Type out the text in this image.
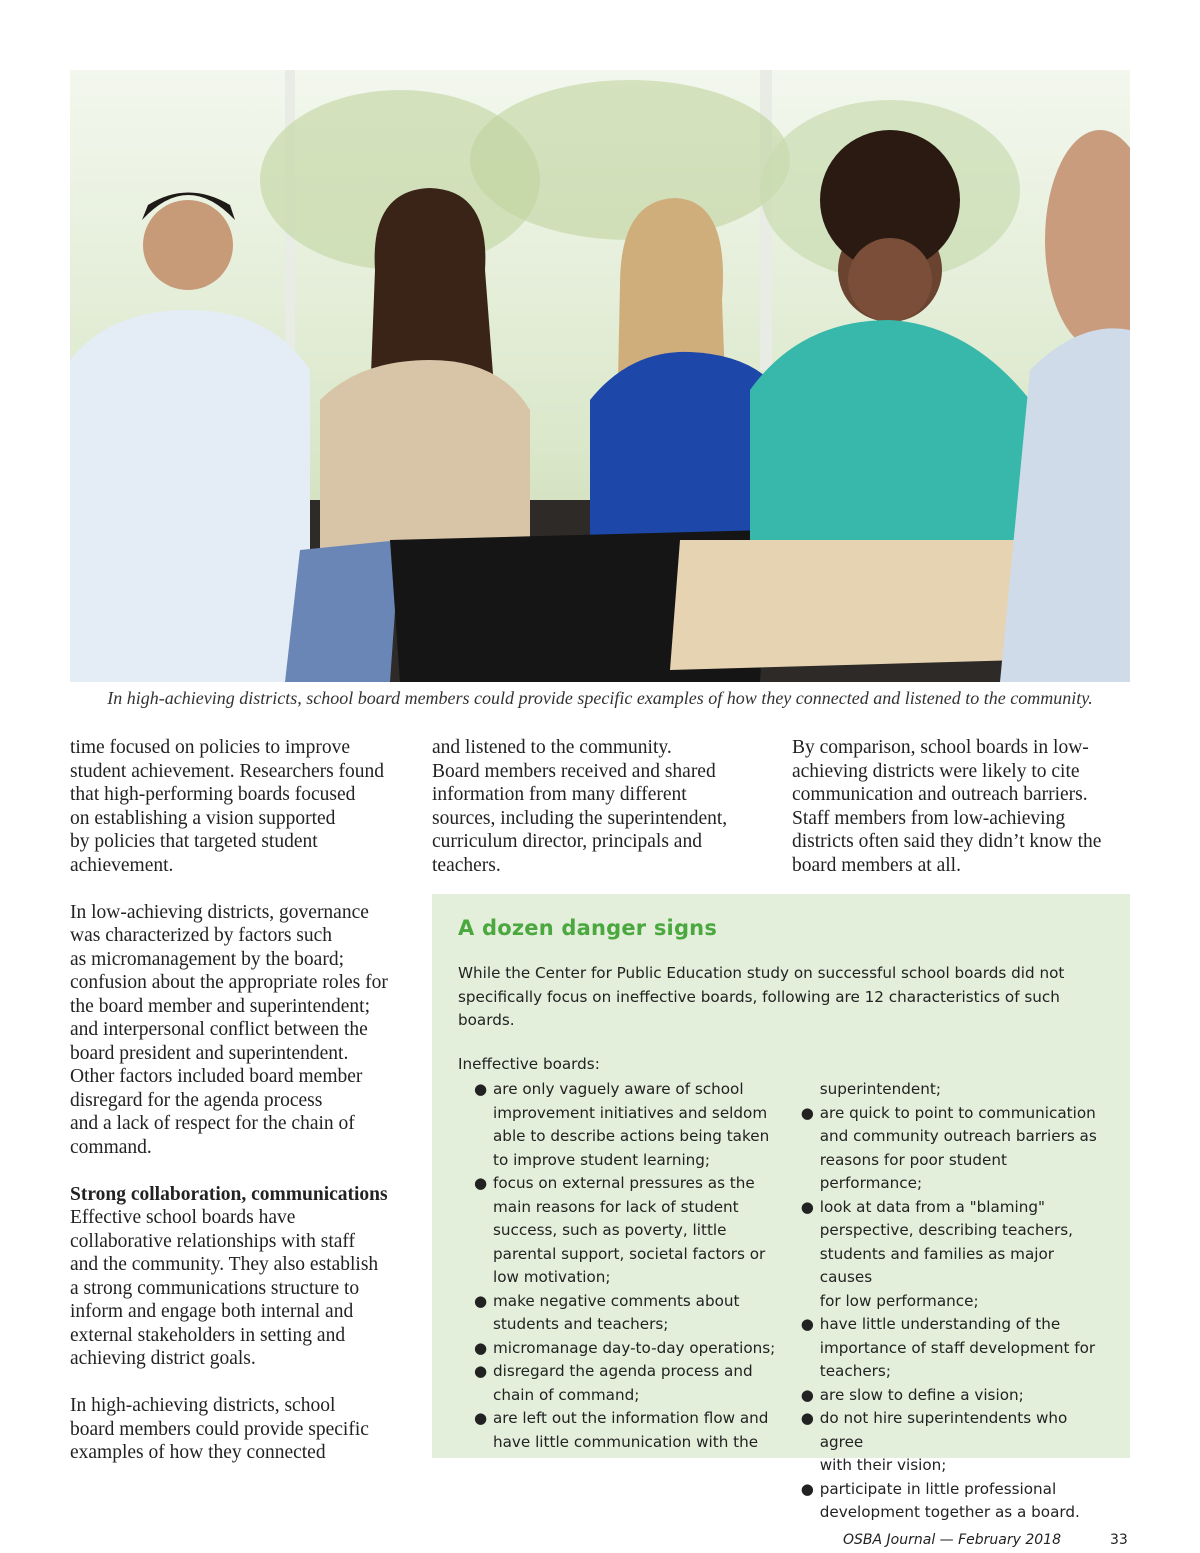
In high-achieving districts, school board members could provide specific examples of how they connected and listened to the community.

time focused on policies to improve
student achievement. Researchers found
that high-performing boards focused
on establishing a vision supported
by policies that targeted student
achievement.

In low-achieving districts, governance
was characterized by factors such
as micromanagement by the board;
confusion about the appropriate roles for
the board member and superintendent;
and interpersonal conflict between the
board president and superintendent.
Other factors included board member
disregard for the agenda process
and a lack of respect for the chain of
command.

Strong collaboration, communications

Effective school boards have
collaborative relationships with staff
and the community. They also establish
a strong communications structure to
inform and engage both internal and
external stakeholders in setting and
achieving district goals.

In high-achieving districts, school
board members could provide specific
examples of how they connected

and listened to the community.
Board members received and shared
information from many different
sources, including the superintendent,
curriculum director, principals and
teachers.

By comparison, school boards in low-
achieving districts were likely to cite
communication and outreach barriers.
Staff members from low-achieving
districts often said they didn’t know the
board members at all.

A dozen danger signs

While the Center for Public Education study on successful school boards did not
specifically focus on ineffective boards, following are 12 characteristics of such boards.

Ineffective boards:

● are only vaguely aware of school
improvement initiatives and seldom
able to describe actions being taken
to improve student learning;
● focus on external pressures as the
main reasons for lack of student
success, such as poverty, little
parental support, societal factors or
low motivation;
● make negative comments about
students and teachers;
● micromanage day-to-day operations;
● disregard the agenda process and
chain of command;
● are left out the information flow and
have little communication with the
superintendent;
● are quick to point to communication
and community outreach barriers as
reasons for poor student performance;
● look at data from a "blaming"
perspective, describing teachers,
students and families as major causes
for low performance;
● have little understanding of the
importance of staff development for
teachers;
● are slow to define a vision;
● do not hire superintendents who agree
with their vision;
● participate in little professional
development together as a board.
OSBA Journal — February 2018	33
